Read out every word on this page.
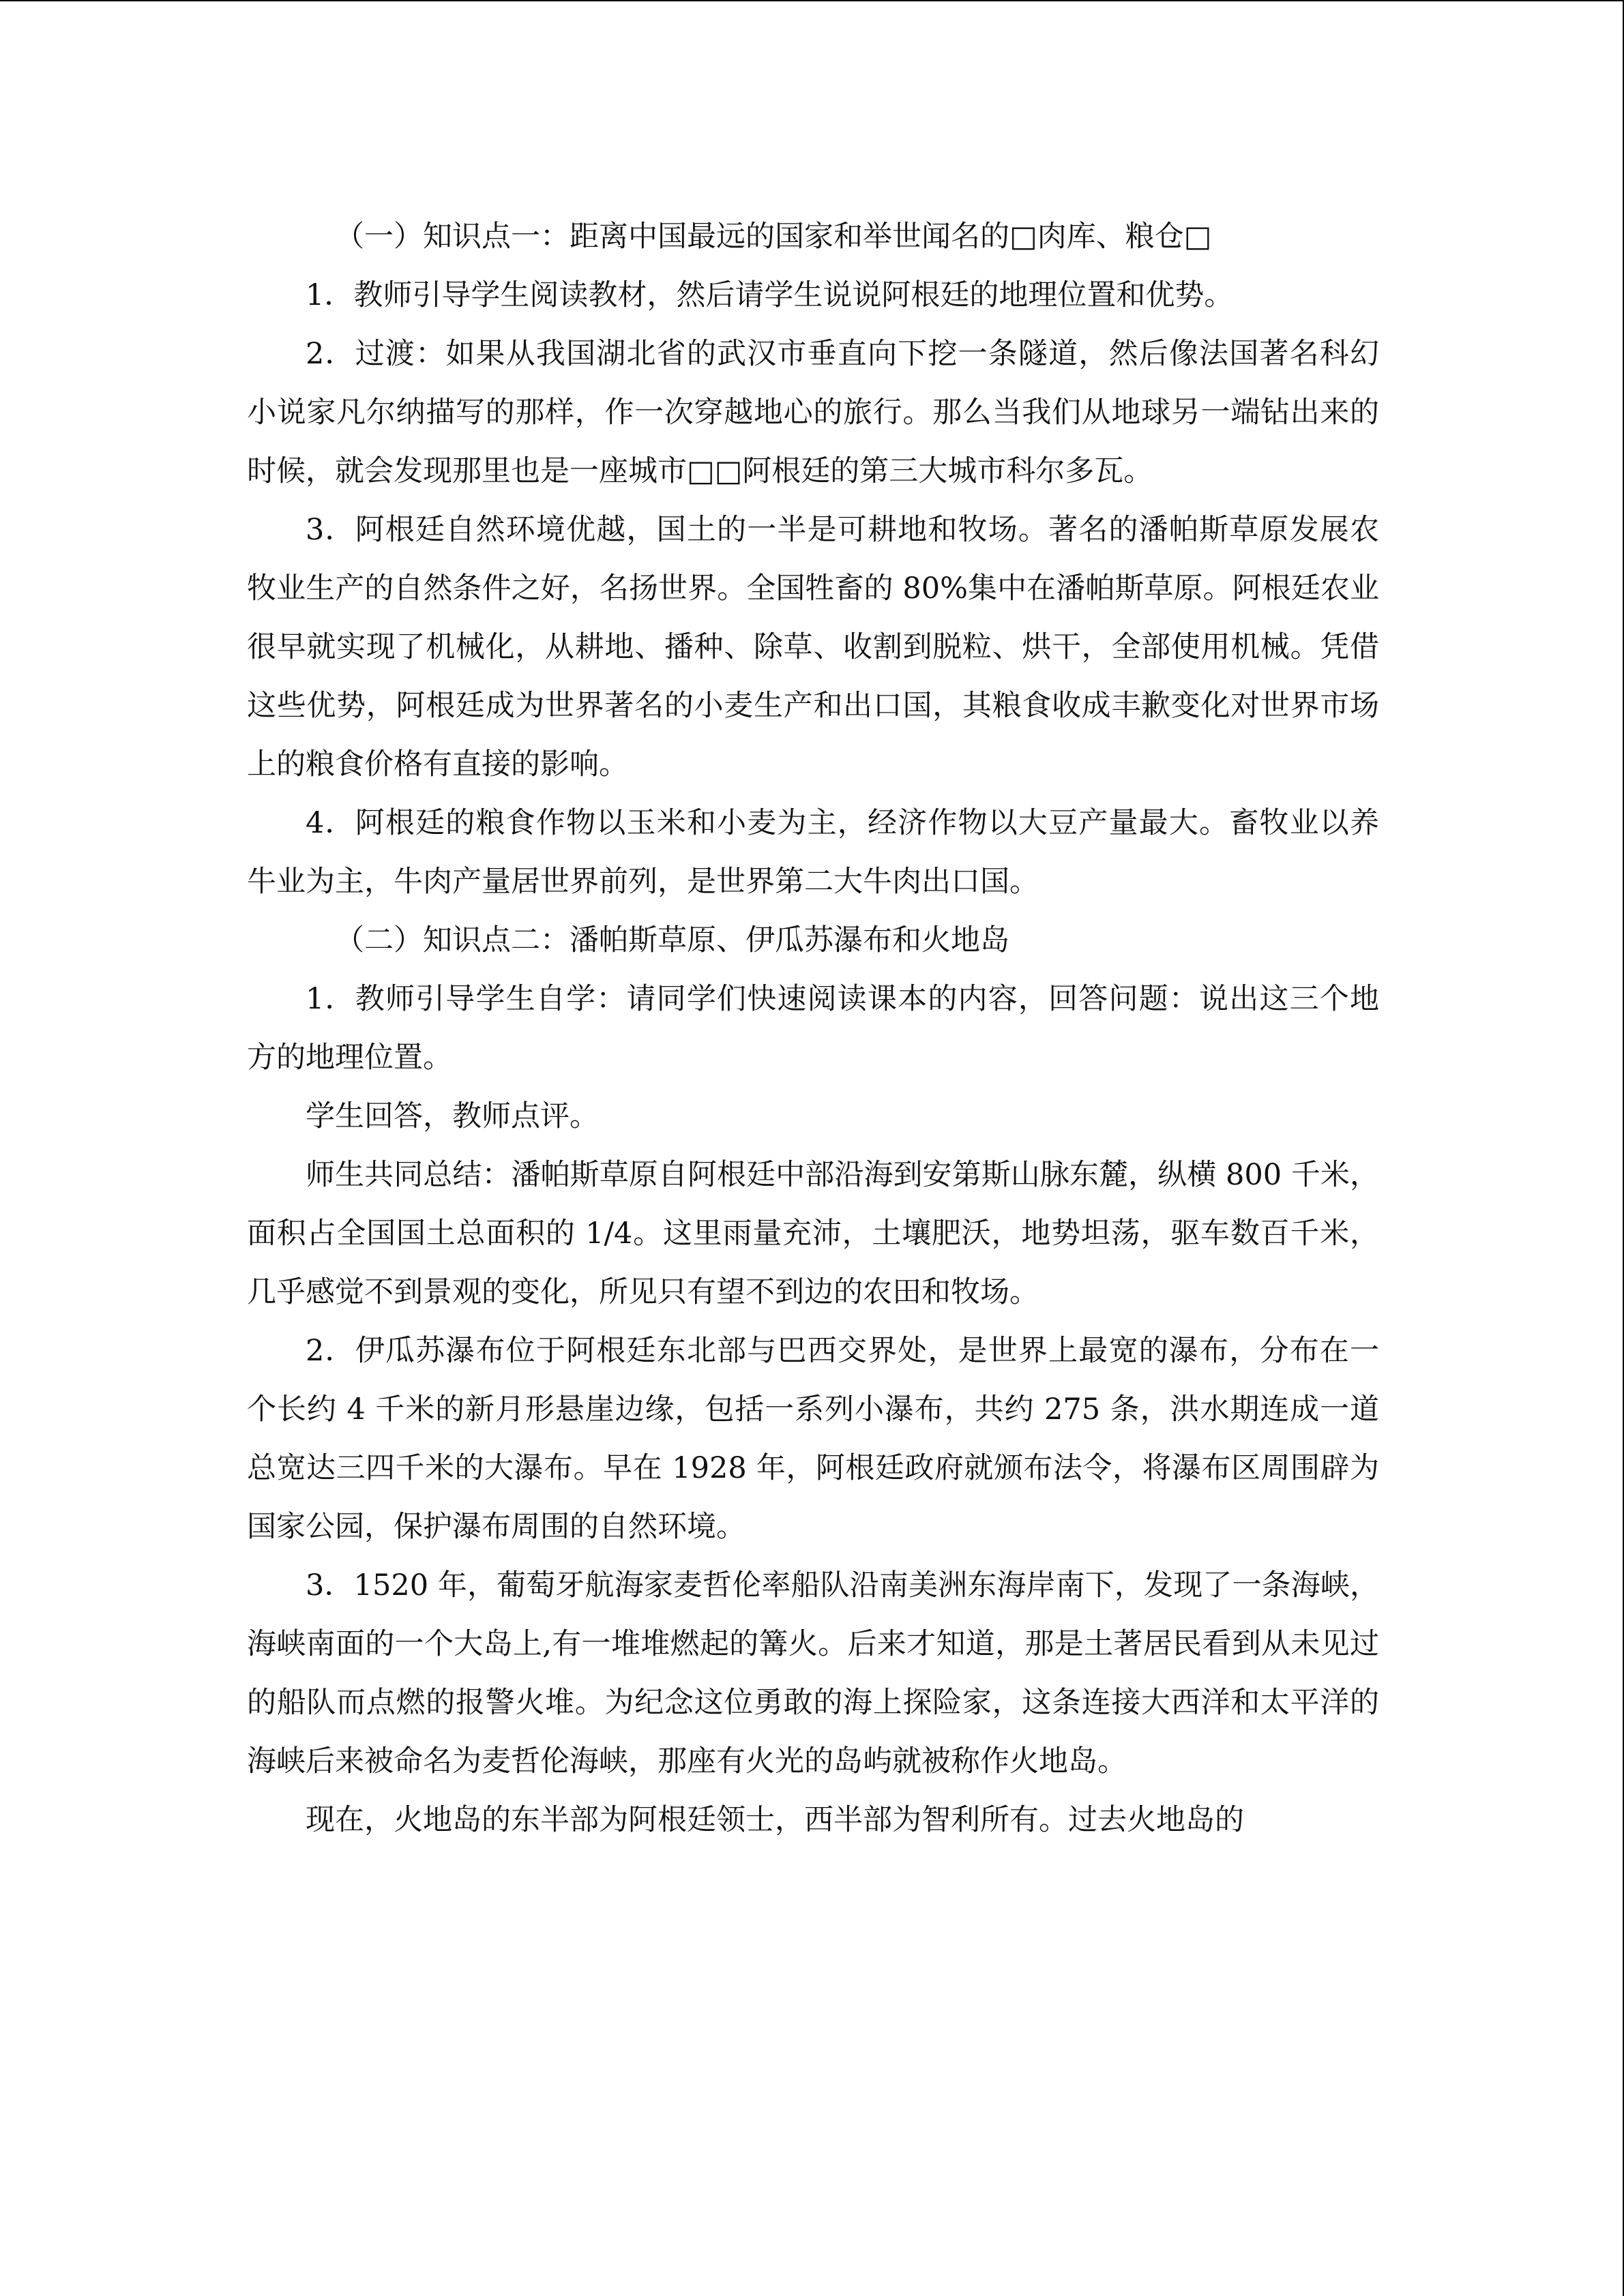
（一）知识点一：距离中国最远的国家和举世闻名的□肉库、粮仓□

1．教师引导学生阅读教材，然后请学生说说阿根廷的地理位置和优势。

2．过渡：如果从我国湖北省的武汉市垂直向下挖一条隧道，然后像法国著名科幻小说家凡尔纳描写的那样，作一次穿越地心的旅行。那么当我们从地球另一端钻出来的时候，就会发现那里也是一座城市□□阿根廷的第三大城市科尔多瓦。

3．阿根廷自然环境优越，国土的一半是可耕地和牧场。著名的潘帕斯草原发展农牧业生产的自然条件之好，名扬世界。全国牲畜的 80%集中在潘帕斯草原。阿根廷农业很早就实现了机械化，从耕地、播种、除草、收割到脱粒、烘干，全部使用机械。凭借这些优势，阿根廷成为世界著名的小麦生产和出口国，其粮食收成丰歉变化对世界市场上的粮食价格有直接的影响。

4．阿根廷的粮食作物以玉米和小麦为主，经济作物以大豆产量最大。畜牧业以养牛业为主，牛肉产量居世界前列，是世界第二大牛肉出口国。

（二）知识点二：潘帕斯草原、伊瓜苏瀑布和火地岛

1．教师引导学生自学：请同学们快速阅读课本的内容，回答问题：说出这三个地方的地理位置。

学生回答，教师点评。

师生共同总结：潘帕斯草原自阿根廷中部沿海到安第斯山脉东麓，纵横 800 千米，面积占全国国土总面积的 1/4。这里雨量充沛，土壤肥沃，地势坦荡，驱车数百千米，几乎感觉不到景观的变化，所见只有望不到边的农田和牧场。

2．伊瓜苏瀑布位于阿根廷东北部与巴西交界处，是世界上最宽的瀑布，分布在一个长约 4 千米的新月形悬崖边缘，包括一系列小瀑布，共约 275 条，洪水期连成一道总宽达三四千米的大瀑布。早在 1928 年，阿根廷政府就颁布法令，将瀑布区周围辟为国家公园，保护瀑布周围的自然环境。

3．1520 年，葡萄牙航海家麦哲伦率船队沿南美洲东海岸南下，发现了一条海峡，海峡南面的一个大岛上,有一堆堆燃起的篝火。后来才知道，那是土著居民看到从未见过的船队而点燃的报警火堆。为纪念这位勇敢的海上探险家，这条连接大西洋和太平洋的海峡后来被命名为麦哲伦海峡，那座有火光的岛屿就被称作火地岛。

现在，火地岛的东半部为阿根廷领士，西半部为智利所有。过去火地岛的
